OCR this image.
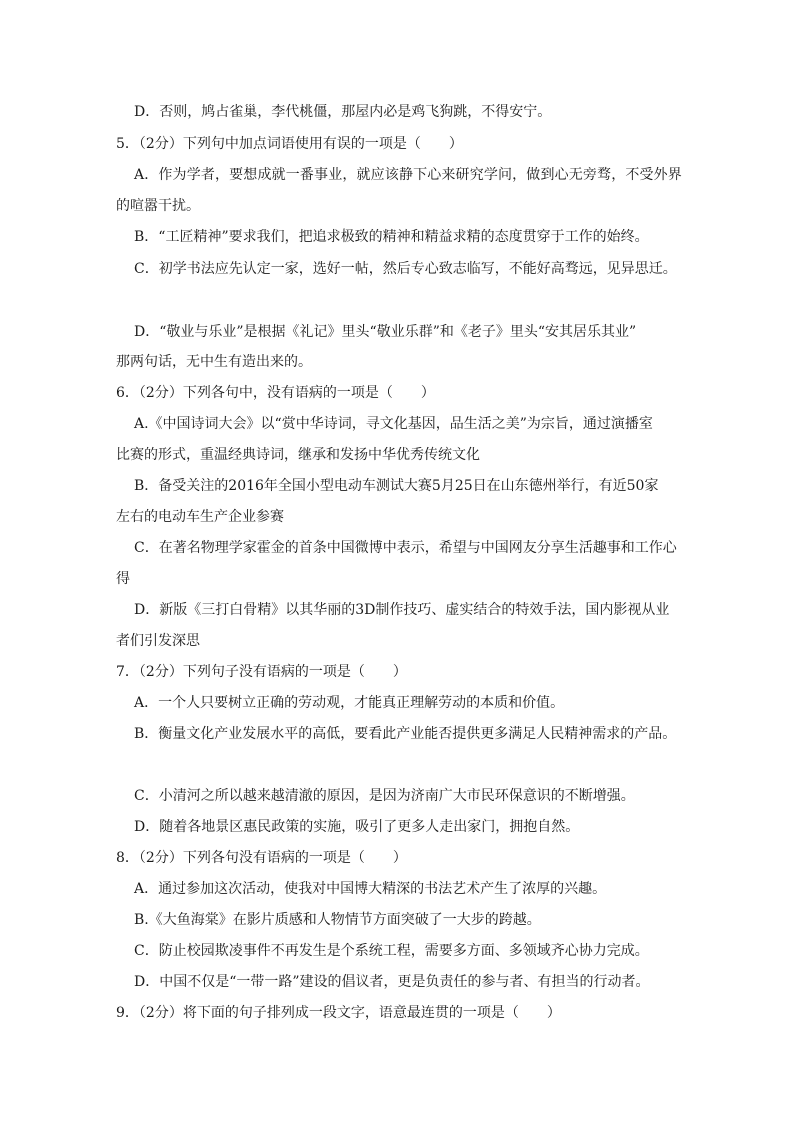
D．否则，鸠占雀巢，李代桃僵，那屋内必是鸡飞狗跳，不得安宁。
5．（2分）下列句中加点词语使用有误的一项是（　　）
A．作为学者，要想成就一番事业，就应该静下心来研究学问，做到心无旁骛，不受外界
的喧嚣干扰。
B．“工匠精神”要求我们，把追求极致的精神和精益求精的态度贯穿于工作的始终。
C．初学书法应先认定一家，选好一帖，然后专心致志临写，不能好高骛远，见异思迁。
D．“敬业与乐业”是根据《礼记》里头“敬业乐群”和《老子》里头“安其居乐其业”
那两句话，无中生有造出来的。
6．（2分）下列各句中，没有语病的一项是（　　）
A.《中国诗词大会》以“赏中华诗词，寻文化基因，品生活之美”为宗旨，通过演播室
比赛的形式，重温经典诗词，继承和发扬中华优秀传统文化
B．备受关注的2016年全国小型电动车测试大赛5月25日在山东德州举行，有近50家
左右的电动车生产企业参赛
C．在著名物理学家霍金的首条中国微博中表示，希望与中国网友分享生活趣事和工作心
得
D．新版《三打白骨精》以其华丽的3D制作技巧、虚实结合的特效手法，国内影视从业
者们引发深思
7．（2分）下列句子没有语病的一项是（　　）
A．一个人只要树立正确的劳动观，才能真正理解劳动的本质和价值。
B．衡量文化产业发展水平的高低，要看此产业能否提供更多满足人民精神需求的产品。
C．小清河之所以越来越清澈的原因，是因为济南广大市民环保意识的不断增强。
D．随着各地景区惠民政策的实施，吸引了更多人走出家门，拥抱自然。
8．（2分）下列各句没有语病的一项是（　　）
A．通过参加这次活动，使我对中国博大精深的书法艺术产生了浓厚的兴趣。
B.《大鱼海棠》在影片质感和人物情节方面突破了一大步的跨越。
C．防止校园欺凌事件不再发生是个系统工程，需要多方面、多领域齐心协力完成。
D．中国不仅是“一带一路”建设的倡议者，更是负责任的参与者、有担当的行动者。
9．（2分）将下面的句子排列成一段文字，语意最连贯的一项是（　　）
